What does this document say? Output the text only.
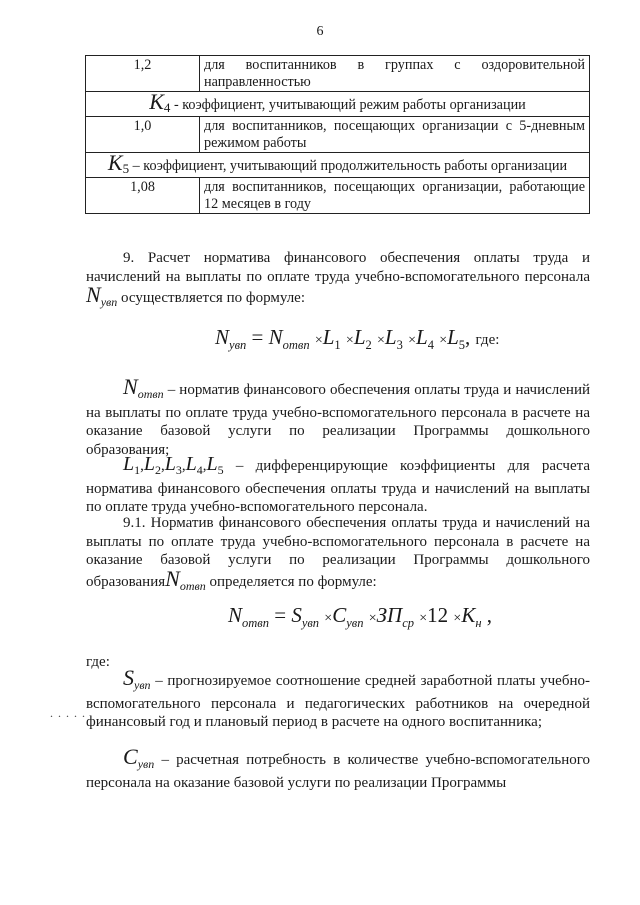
6
1,2	для воспитанников в группах с оздоровительной направленностью
K4 - коэффициент, учитывающий режим работы организации	
1,0	для воспитанников, посещающих организации с 5-дневным режимом работы
K5 – коэффициент, учитывающий продолжительность работы организации	
1,08	для воспитанников, посещающих организации, работающие 12 месяцев в году
9. Расчет норматива финансового обеспечения оплаты труда и начислений на выплаты по оплате труда учебно-вспомогательного персонала $N_{увп}$ осуществляется по формуле:
$N_{увп} = N_{отвп} \times L_1 \times L_2 \times L_3 \times L_4 \times L_5$, где:
$N_{отвп}$ – норматив финансового обеспечения оплаты труда и начислений на выплаты по оплате труда учебно-вспомогательного персонала в расчете на оказание базовой услуги по реализации Программы дошкольного образования;
$L_1,L_2,L_3,L_4,L_5$ – дифференцирующие коэффициенты для расчета норматива финансового обеспечения оплаты труда и начислений на выплаты по оплате труда учебно-вспомогательного персонала.
9.1. Норматив финансового обеспечения оплаты труда и начислений на выплаты по оплате труда учебно-вспомогательного персонала в расчете на оказание базовой услуги по реализации Программы дошкольного образованияN$_{отвп}$ определяется по формуле:
$N_{отвп} = S_{увп} \times C_{увп} \times ЗП_{ср} \times 12 \times K_н$ ,
где:
.....
$S_{увп}$ – прогнозируемое соотношение средней заработной платы учебно-вспомогательного персонала и педагогических работников на очередной финансовый год и плановый период в расчете на одного воспитанника;
$C_{увп}$ – расчетная потребность в количестве учебно-вспомогательного персонала на оказание базовой услуги по реализации Программы
